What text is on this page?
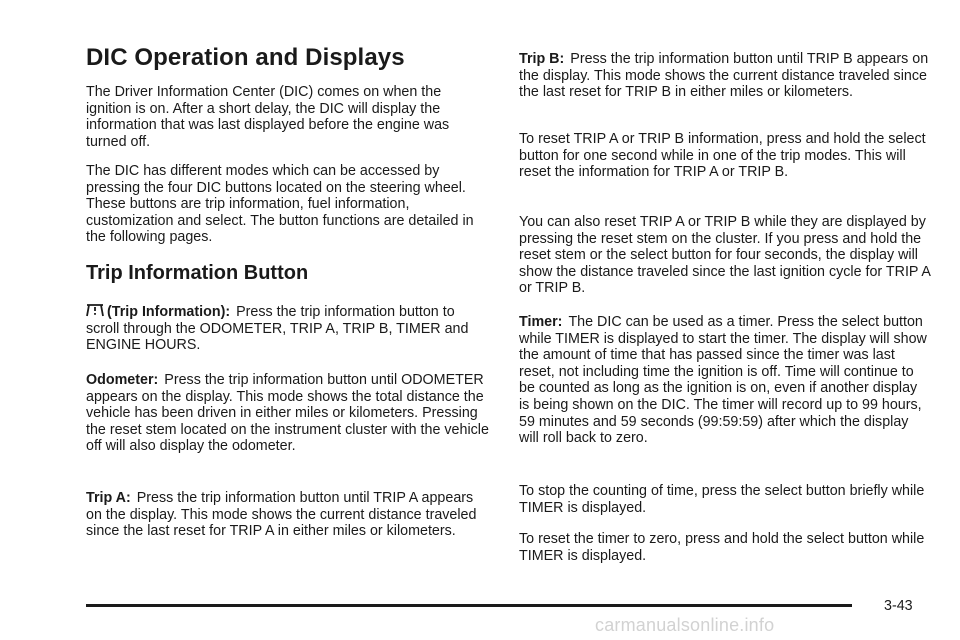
DIC Operation and Displays

The Driver Information Center (DIC) comes on when the ignition is on. After a short delay, the DIC will display the information that was last displayed before the engine was turned off.

The DIC has different modes which can be accessed by pressing the four DIC buttons located on the steering wheel. These buttons are trip information, fuel information, customization and select. The button functions are detailed in the following pages.

Trip Information Button

(Trip Information): Press the trip information button to scroll through the ODOMETER, TRIP A, TRIP B, TIMER and ENGINE HOURS.

Odometer: Press the trip information button until ODOMETER appears on the display. This mode shows the total distance the vehicle has been driven in either miles or kilometers. Pressing the reset stem located on the instrument cluster with the vehicle off will also display the odometer.

Trip A: Press the trip information button until TRIP A appears on the display. This mode shows the current distance traveled since the last reset for TRIP A in either miles or kilometers.

Trip B: Press the trip information button until TRIP B appears on the display. This mode shows the current distance traveled since the last reset for TRIP B in either miles or kilometers.

To reset TRIP A or TRIP B information, press and hold the select button for one second while in one of the trip modes. This will reset the information for TRIP A or TRIP B.

You can also reset TRIP A or TRIP B while they are displayed by pressing the reset stem on the cluster. If you press and hold the reset stem or the select button for four seconds, the display will show the distance traveled since the last ignition cycle for TRIP A or TRIP B.

Timer: The DIC can be used as a timer. Press the select button while TIMER is displayed to start the timer. The display will show the amount of time that has passed since the timer was last reset, not including time the ignition is off. Time will continue to be counted as long as the ignition is on, even if another display is being shown on the DIC. The timer will record up to 99 hours, 59 minutes and 59 seconds (99:59:59) after which the display will roll back to zero.

To stop the counting of time, press the select button briefly while TIMER is displayed.

To reset the timer to zero, press and hold the select button while TIMER is displayed.

3-43
carmanualsonline.info
